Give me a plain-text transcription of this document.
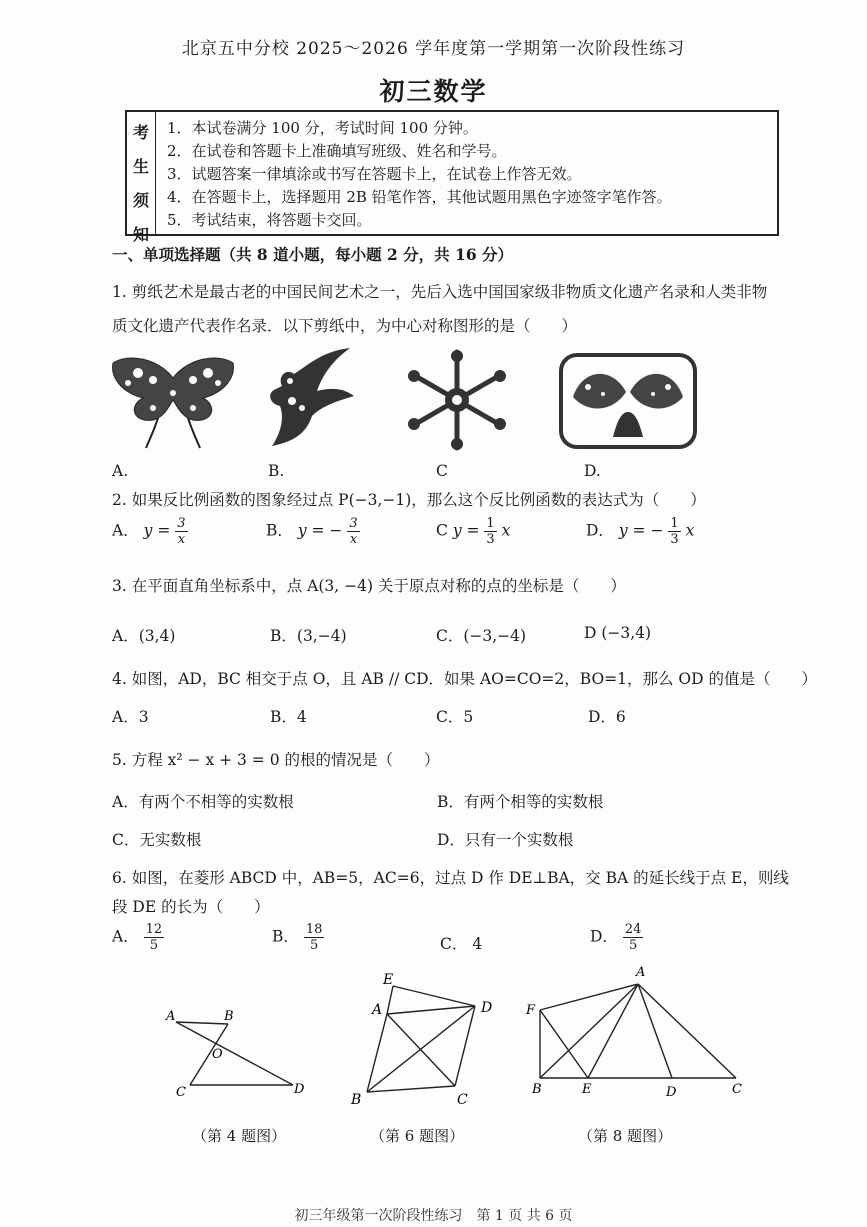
北京五中分校 2025～2026 学年度第一学期第一次阶段性练习
初三数学
考
生
须
知
1．本试卷满分 100 分，考试时间 100 分钟。
2．在试卷和答题卡上准确填写班级、姓名和学号。
3．试题答案一律填涂或书写在答题卡上，在试卷上作答无效。
4．在答题卡上，选择题用 2B 铅笔作答，其他试题用黑色字迹签字笔作答。
5．考试结束，将答题卡交回。
一、单项选择题（共 8 道小题，每小题 2 分，共 16 分）
1. 剪纸艺术是最古老的中国民间艺术之一，先后入选中国国家级非物质文化遗产名录和人类非物
质文化遗产代表作名录．以下剪纸中，为中心对称图形的是（　　）
A.	B.	C	D.
2. 如果反比例函数的图象经过点 P(−3,−1)，那么这个反比例函数的表达式为（　　）
A． $y = \frac{3}{x}$	B． y = − $\frac{3}{x}$	C $y = \frac{1}{3}$ x	D． y = − $\frac{1}{3}$ x
3. 在平面直角坐标系中，点 A(3, −4) 关于原点对称的点的坐标是（　　）
A．(3,4)	B．(3,−4)	C．(−3,−4)	D (−3,4)
4. 如图，AD，BC 相交于点 O，且 AB // CD．如果 AO=CO=2，BO=1，那么 OD 的值是（　　）
A．3	B．4	C．5	D．6
5. 方程 x² − x + 3 = 0 的根的情况是（　　）
A．有两个不相等的实数根	B．有两个相等的实数根
C．无实数根	D．只有一个实数根
6. 如图，在菱形 ABCD 中，AB=5，AC=6，过点 D 作 DE⊥BA，交 BA 的延长线于点 E，则线
段 DE 的长为（　　）
A． $\frac{12}{5}$	B． $\frac{18}{5}$	C． 4	D． $\frac{24}{5}$
A	B
O
C	D
（第 4 题图）
E
A	D
B	C
（第 6 题图）
A
F
B	E	D	C
（第 8 题图）
初三年级第一次阶段性练习　第 1 页 共 6 页
